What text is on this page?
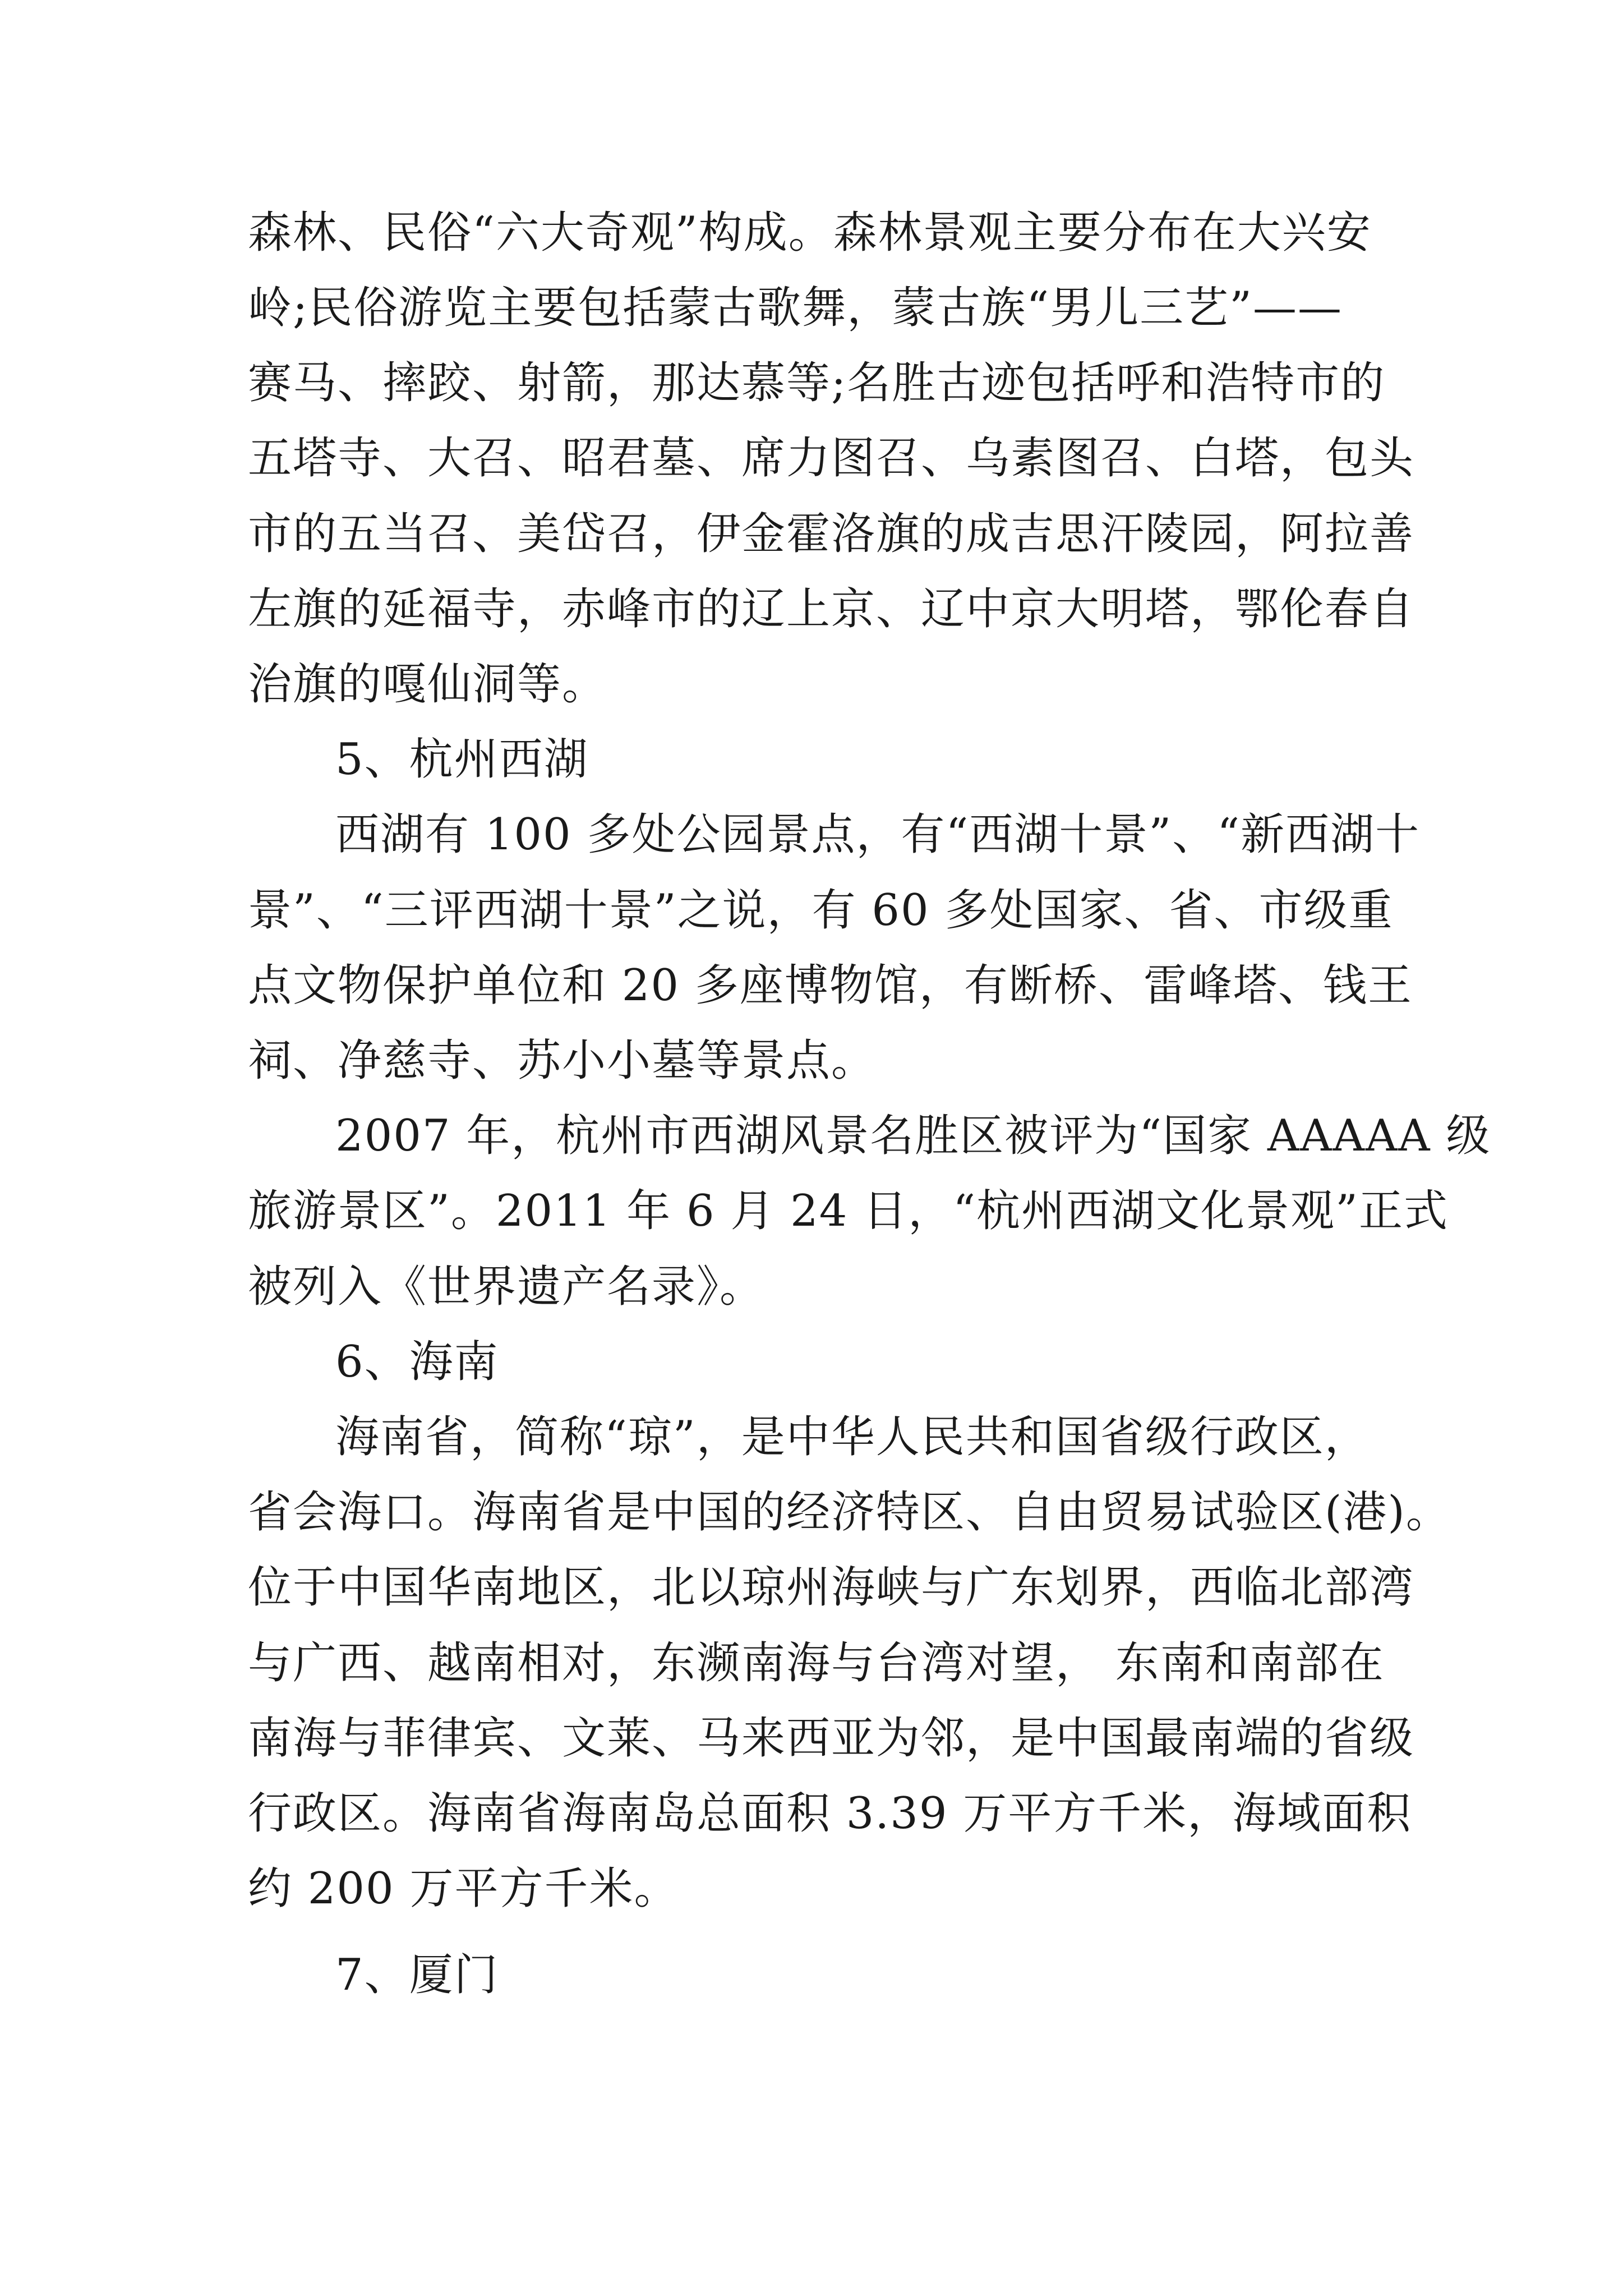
森林、民俗“六大奇观”构成。森林景观主要分布在大兴安

岭;民俗游览主要包括蒙古歌舞，蒙古族“男儿三艺”——

赛马、摔跤、射箭，那达慕等;名胜古迹包括呼和浩特市的

五塔寺、大召、昭君墓、席力图召、乌素图召、白塔，包头

市的五当召、美岱召，伊金霍洛旗的成吉思汗陵园，阿拉善

左旗的延福寺，赤峰市的辽上京、辽中京大明塔，鄂伦春自

治旗的嘎仙洞等。

5、杭州西湖

西湖有 100 多处公园景点，有“西湖十景”、“新西湖十

景”、“三评西湖十景”之说，有 60 多处国家、省、市级重

点文物保护单位和 20 多座博物馆，有断桥、雷峰塔、钱王

祠、净慈寺、苏小小墓等景点。

2007 年，杭州市西湖风景名胜区被评为“国家 AAAAA 级

旅游景区”。2011 年 6 月 24 日，“杭州西湖文化景观”正式

被列入《世界遗产名录》。

6、海南

海南省，简称“琼”，是中华人民共和国省级行政区，

省会海口。海南省是中国的经济特区、自由贸易试验区(港)。

位于中国华南地区，北以琼州海峡与广东划界，西临北部湾

与广西、越南相对，东濒南海与台湾对望， 东南和南部在

南海与菲律宾、文莱、马来西亚为邻，是中国最南端的省级

行政区。海南省海南岛总面积 3.39 万平方千米，海域面积

约 200 万平方千米。

7、厦门
